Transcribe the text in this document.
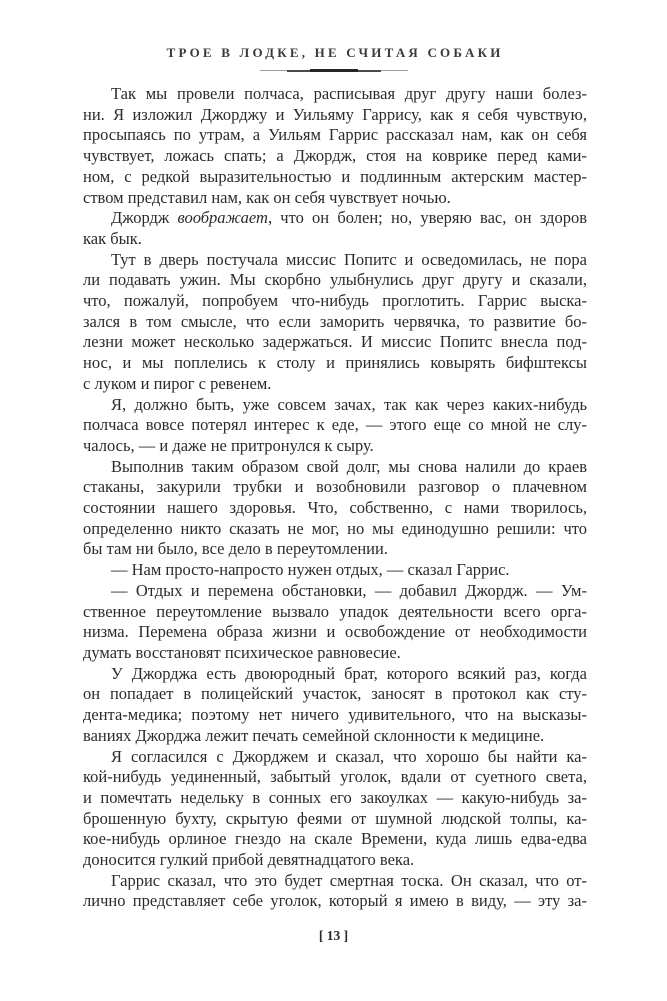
ТРОЕ В ЛОДКЕ, НЕ СЧИТАЯ СОБАКИ
Так мы провели полчаса, расписывая друг другу наши болез-
ни. Я изложил Джорджу и Уильяму Гаррису, как я себя чувствую,
просыпаясь по утрам, а Уильям Гаррис рассказал нам, как он себя
чувствует, ложась спать; а Джордж, стоя на коврике перед ками-
ном, с редкой выразительностью и подлинным актерским мастер-
ством представил нам, как он себя чувствует ночью.
Джордж воображает, что он болен; но, уверяю вас, он здоров
как бык.
Тут в дверь постучала миссис Попитс и осведомилась, не пора
ли подавать ужин. Мы скорбно улыбнулись друг другу и сказали,
что, пожалуй, попробуем что-нибудь проглотить. Гаррис выска-
зался в том смысле, что если заморить червячка, то развитие бо-
лезни может несколько задержаться. И миссис Попитс внесла под-
нос, и мы поплелись к столу и принялись ковырять бифштексы
с луком и пирог с ревенем.
Я, должно быть, уже совсем зачах, так как через каких-нибудь
полчаса вовсе потерял интерес к еде, — этого еще со мной не слу-
чалось, — и даже не притронулся к сыру.
Выполнив таким образом свой долг, мы снова налили до краев
стаканы, закурили трубки и возобновили разговор о плачевном
состоянии нашего здоровья. Что, собственно, с нами творилось,
определенно никто сказать не мог, но мы единодушно решили: что
бы там ни было, все дело в переутомлении.
— Нам просто-напросто нужен отдых, — сказал Гаррис.
— Отдых и перемена обстановки, — добавил Джордж. — Ум-
ственное переутомление вызвало упадок деятельности всего орга-
низма. Перемена образа жизни и освобождение от необходимости
думать восстановят психическое равновесие.
У Джорджа есть двоюродный брат, которого всякий раз, когда
он попадает в полицейский участок, заносят в протокол как сту-
дента-медика; поэтому нет ничего удивительного, что на высказы-
ваниях Джорджа лежит печать семейной склонности к медицине.
Я согласился с Джорджем и сказал, что хорошо бы найти ка-
кой-нибудь уединенный, забытый уголок, вдали от суетного света,
и помечтать недельку в сонных его закоулках — какую-нибудь за-
брошенную бухту, скрытую феями от шумной людской толпы, ка-
кое-нибудь орлиное гнездо на скале Времени, куда лишь едва-едва
доносится гулкий прибой девятнадцатого века.
Гаррис сказал, что это будет смертная тоска. Он сказал, что от-
лично представляет себе уголок, который я имею в виду, — эту за-
[ 13 ]
